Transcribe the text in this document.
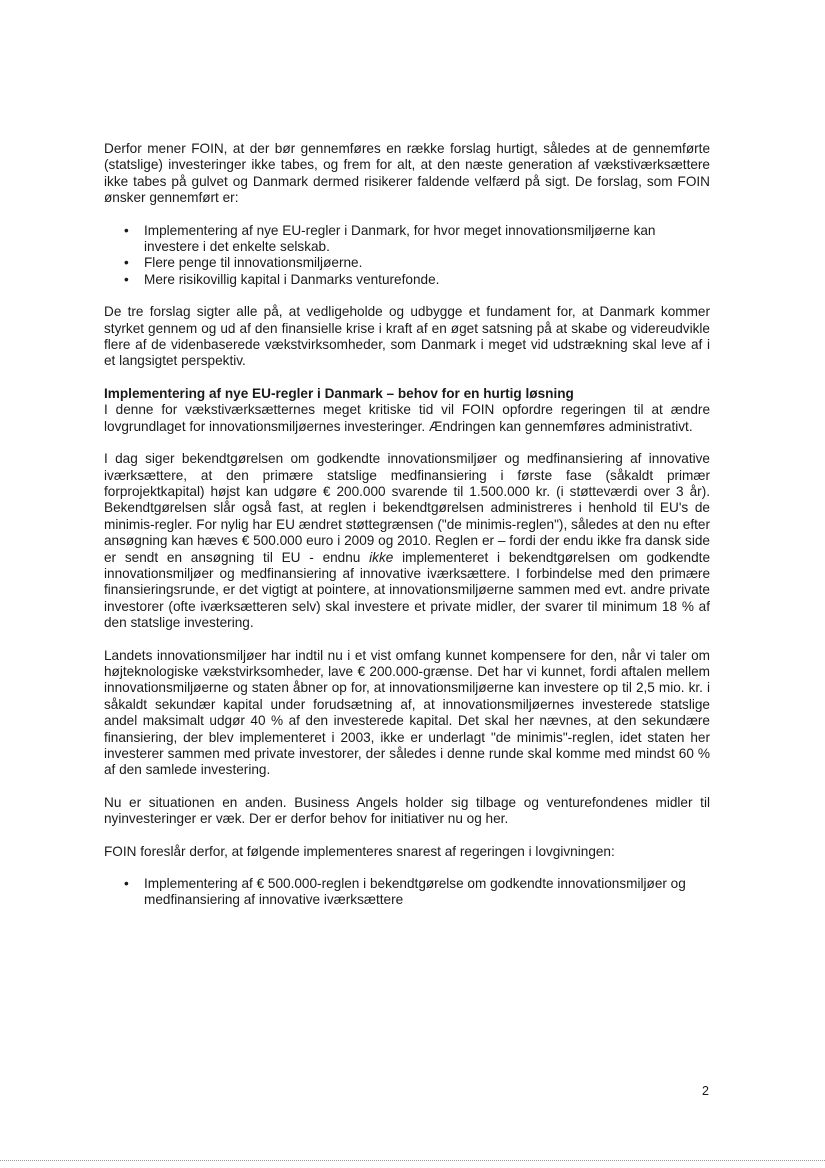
Derfor mener FOIN, at der bør gennemføres en række forslag hurtigt, således at de gennemførte (statslige) investeringer ikke tabes, og frem for alt, at den næste generation af vækstiværksættere ikke tabes på gulvet og Danmark dermed risikerer faldende velfærd på sigt. De forslag, som FOIN ønsker gennemført er:

• Implementering af nye EU-regler i Danmark, for hvor meget innovationsmiljøerne kan investere i det enkelte selskab.
• Flere penge til innovationsmiljøerne.
• Mere risikovillig kapital i Danmarks venturefonde.

De tre forslag sigter alle på, at vedligeholde og udbygge et fundament for, at Danmark kommer styrket gennem og ud af den finansielle krise i kraft af en øget satsning på at skabe og videreudvikle flere af de videnbaserede vækstvirksomheder, som Danmark i meget vid udstrækning skal leve af i et langsigtet perspektiv.

Implementering af nye EU-regler i Danmark – behov for en hurtig løsning

I denne for vækstiværksætternes meget kritiske tid vil FOIN opfordre regeringen til at ændre lovgrundlaget for innovationsmiljøernes investeringer. Ændringen kan gennemføres administrativt.

I dag siger bekendtgørelsen om godkendte innovationsmiljøer og medfinansiering af innovative iværksættere, at den primære statslige medfinansiering i første fase (såkaldt primær forprojektkapital) højst kan udgøre € 200.000 svarende til 1.500.000 kr. (i støtteværdi over 3 år). Bekendtgørelsen slår også fast, at reglen i bekendtgørelsen administreres i henhold til EU's de minimis-regler. For nylig har EU ændret støttegrænsen ("de minimis-reglen"), således at den nu efter ansøgning kan hæves € 500.000 euro i 2009 og 2010. Reglen er – fordi der endu ikke fra dansk side er sendt en ansøgning til EU - endnu ikke implementeret i bekendtgørelsen om godkendte innovationsmiljøer og medfinansiering af innovative iværksættere. I forbindelse med den primære finansieringsrunde, er det vigtigt at pointere, at innovationsmiljøerne sammen med evt. andre private investorer (ofte iværksætteren selv) skal investere et private midler, der svarer til minimum 18 % af den statslige investering.

Landets innovationsmiljøer har indtil nu i et vist omfang kunnet kompensere for den, når vi taler om højteknologiske vækstvirksomheder, lave € 200.000-grænse. Det har vi kunnet, fordi aftalen mellem innovationsmiljøerne og staten åbner op for, at innovationsmiljøerne kan investere op til 2,5 mio. kr. i såkaldt sekundær kapital under forudsætning af, at innovationsmiljøernes investerede statslige andel maksimalt udgør 40 % af den investerede kapital. Det skal her nævnes, at den sekundære finansiering, der blev implementeret i 2003, ikke er underlagt "de minimis"-reglen, idet staten her investerer sammen med private investorer, der således i denne runde skal komme med mindst 60 % af den samlede investering.

Nu er situationen en anden. Business Angels holder sig tilbage og venturefondenes midler til nyinvesteringer er væk. Der er derfor behov for initiativer nu og her.

FOIN foreslår derfor, at følgende implementeres snarest af regeringen i lovgivningen:

• Implementering af € 500.000-reglen i bekendtgørelse om godkendte innovationsmiljøer og medfinansiering af innovative iværksættere
2
